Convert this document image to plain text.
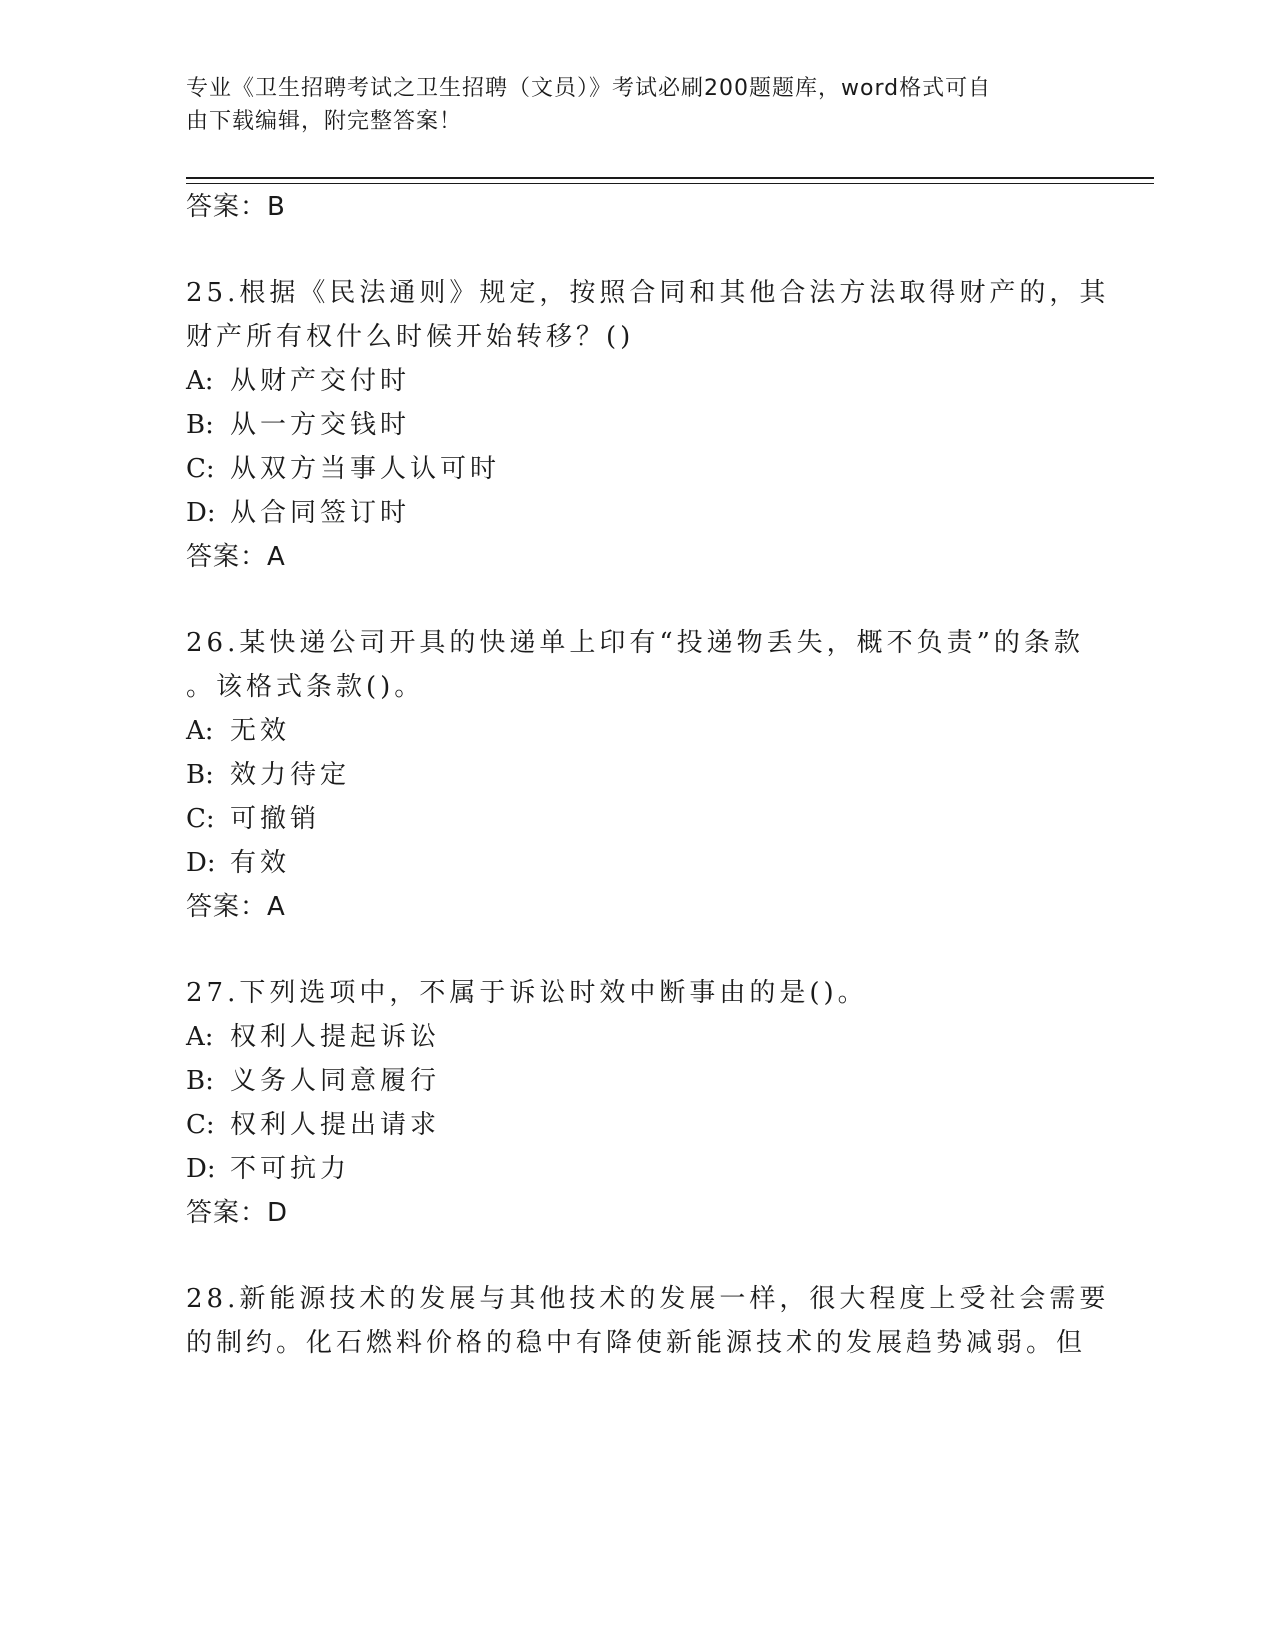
专业《卫生招聘考试之卫生招聘（文员）》考试必刷200题题库，word格式可自
由下载编辑，附完整答案！
答案：B
25.根据《民法通则》规定，按照合同和其他合法方法取得财产的，其
财产所有权什么时候开始转移？()
A: 从财产交付时
B: 从一方交钱时
C: 从双方当事人认可时
D: 从合同签订时
答案：A
26.某快递公司开具的快递单上印有“投递物丢失，概不负责”的条款
。该格式条款()。
A: 无效
B: 效力待定
C: 可撤销
D: 有效
答案：A
27.下列选项中，不属于诉讼时效中断事由的是()。
A: 权利人提起诉讼
B: 义务人同意履行
C: 权利人提出请求
D: 不可抗力
答案：D
28.新能源技术的发展与其他技术的发展一样，很大程度上受社会需要
的制约。化石燃料价格的稳中有降使新能源技术的发展趋势减弱。但
